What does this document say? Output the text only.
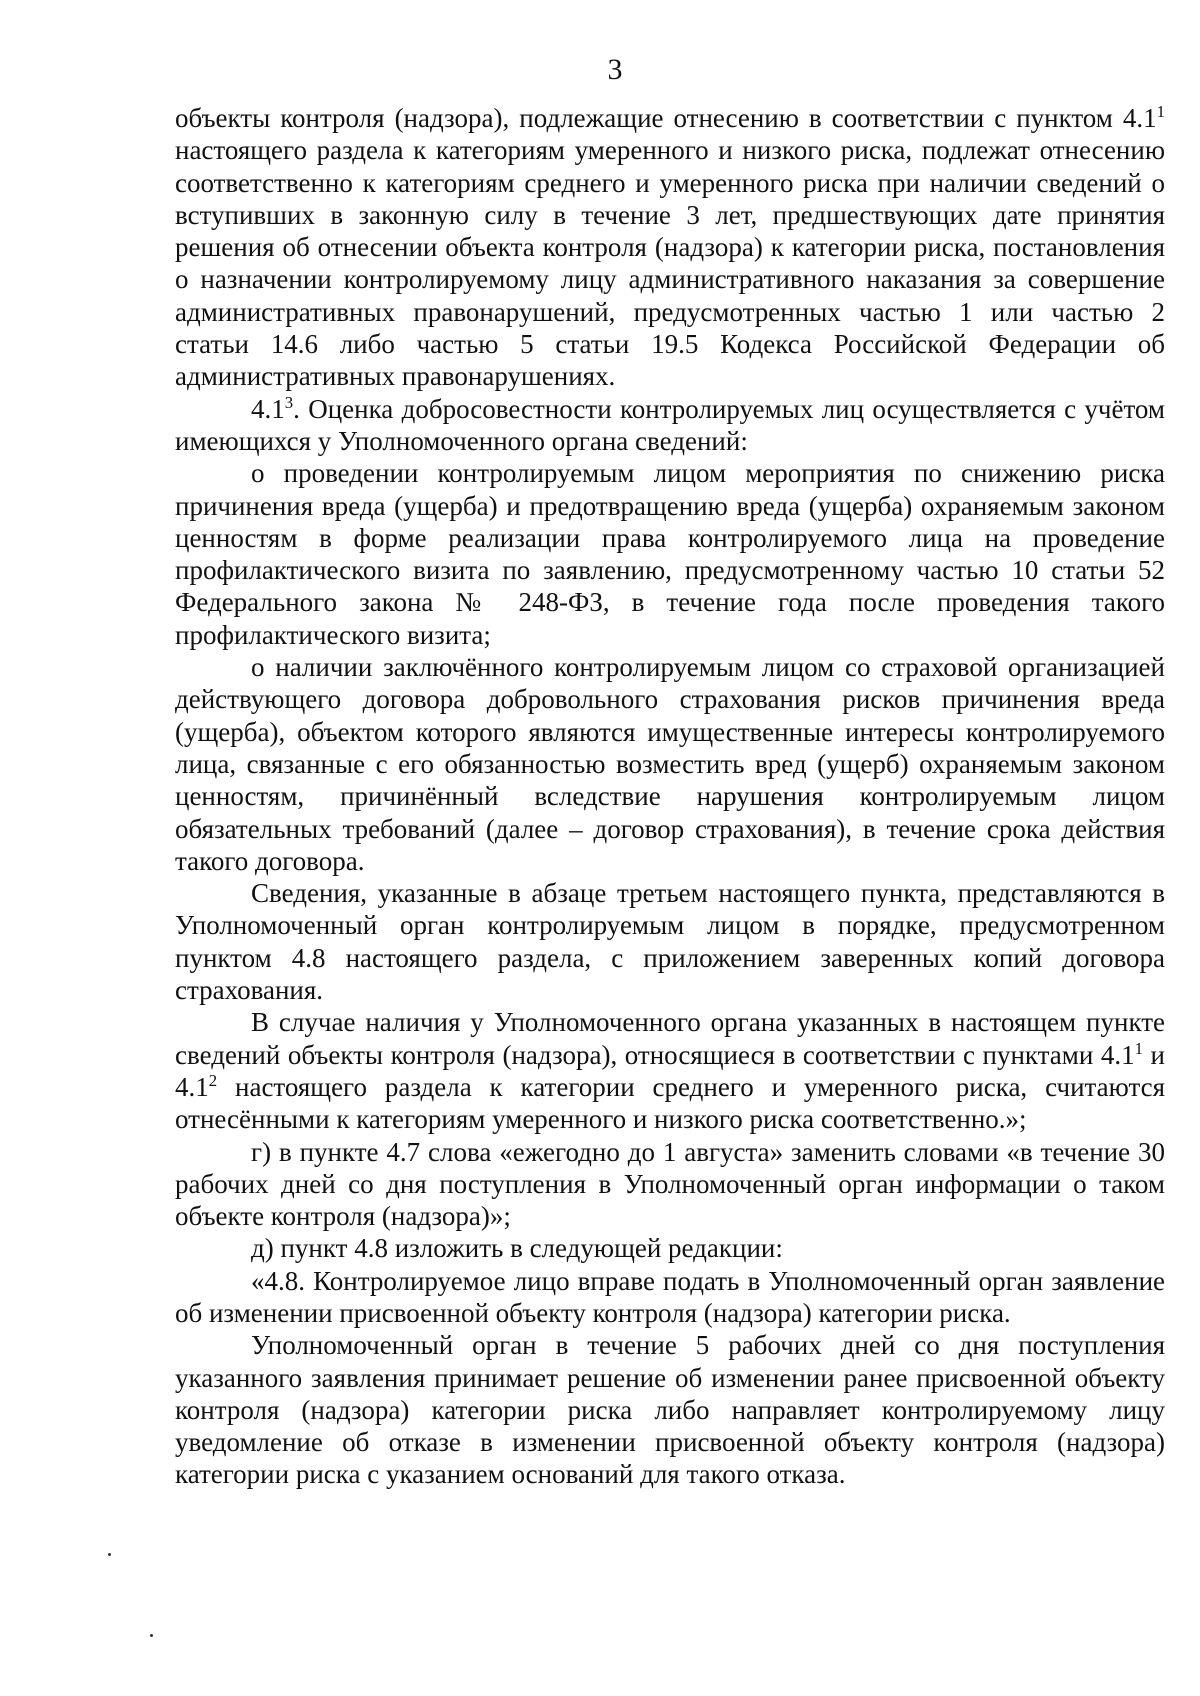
3

объекты контроля (надзора), подлежащие отнесению в соответствии с пунктом $4.1^1$ настоящего раздела к категориям умеренного и низкого риска, подлежат отнесению соответственно к категориям среднего и умеренного риска при наличии сведений о вступивших в законную силу в течение 3 лет, предшествующих дате принятия решения об отнесении объекта контроля (надзора) к категории риска, постановления о назначении контролируемому лицу административного наказания за совершение административных правонарушений, предусмотренных частью 1 или частью 2 статьи 14.6 либо частью 5 статьи 19.5 Кодекса Российской Федерации об административных правонарушениях.

$4.1^3$. Оценка добросовестности контролируемых лиц осуществляется с учётом имеющихся у Уполномоченного органа сведений:

о проведении контролируемым лицом мероприятия по снижению риска причинения вреда (ущерба) и предотвращению вреда (ущерба) охраняемым законом ценностям в форме реализации права контролируемого лица на проведение профилактического визита по заявлению, предусмотренному частью 10 статьи 52 Федерального закона № 248-ФЗ, в течение года после проведения такого профилактического визита;

о наличии заключённого контролируемым лицом со страховой организацией действующего договора добровольного страхования рисков причинения вреда (ущерба), объектом которого являются имущественные интересы контролируемого лица, связанные с его обязанностью возместить вред (ущерб) охраняемым законом ценностям, причинённый вследствие нарушения контролируемым лицом обязательных требований (далее – договор страхования), в течение срока действия такого договора.

Сведения, указанные в абзаце третьем настоящего пункта, представляются в Уполномоченный орган контролируемым лицом в порядке, предусмотренном пунктом 4.8 настоящего раздела, с приложением заверенных копий договора страхования.

В случае наличия у Уполномоченного органа указанных в настоящем пункте сведений объекты контроля (надзора), относящиеся в соответствии с пунктами $4.1^1$ и $4.1^2$ настоящего раздела к категории среднего и умеренного риска, считаются отнесёнными к категориям умеренного и низкого риска соответственно.»;

г) в пункте 4.7 слова «ежегодно до 1 августа» заменить словами «в течение 30 рабочих дней со дня поступления в Уполномоченный орган информации о таком объекте контроля (надзора)»;

д) пункт 4.8 изложить в следующей редакции:

«4.8. Контролируемое лицо вправе подать в Уполномоченный орган заявление об изменении присвоенной объекту контроля (надзора) категории риска.

Уполномоченный орган в течение 5 рабочих дней со дня поступления указанного заявления принимает решение об изменении ранее присвоенной объекту контроля (надзора) категории риска либо направляет контролируемому лицу уведомление об отказе в изменении присвоенной объекту контроля (надзора) категории риска с указанием оснований для такого отказа.
